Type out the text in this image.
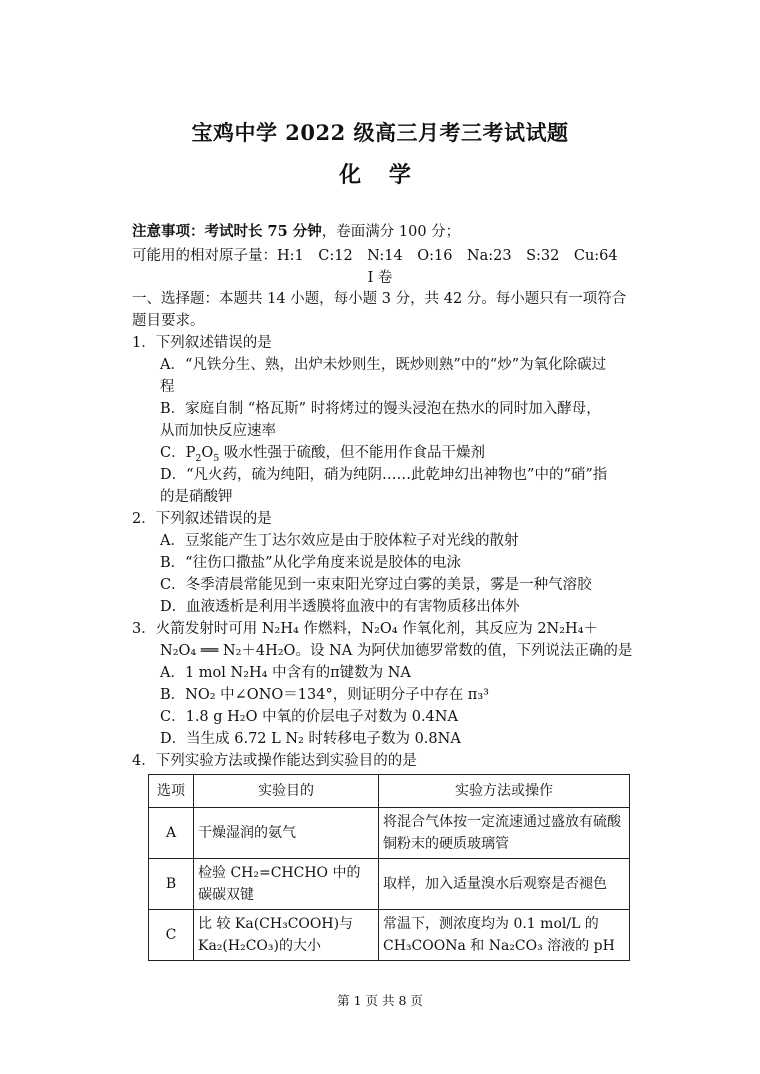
宝鸡中学 2022 级高三月考三考试试题
化 学
注意事项：考试时长 75 分钟，卷面满分 100 分；
可能用的相对原子量：H:1　C:12　N:14　O:16　Na:23　S:32　Cu:64
I 卷
一、选择题：本题共 14 小题，每小题 3 分，共 42 分。每小题只有一项符合
题目要求。
1．下列叙述错误的是
A．“凡铁分生、熟，出炉未炒则生，既炒则熟”中的“炒”为氧化除碳过
程
B．家庭自制 “格瓦斯” 时将烤过的馒头浸泡在热水的同时加入酵母，
从而加快反应速率
C．$P_2O_5$ 吸水性强于硫酸，但不能用作食品干燥剂
D．“凡火药，硫为纯阳，硝为纯阴……此乾坤幻出神物也”中的“硝”指
的是硝酸钾
2．下列叙述错误的是
A．豆浆能产生丁达尔效应是由于胶体粒子对光线的散射
B．“往伤口撒盐”从化学角度来说是胶体的电泳
C．冬季清晨常能见到一束束阳光穿过白雾的美景，雾是一种气溶胶
D．血液透析是利用半透膜将血液中的有害物质移出体外
3．火箭发射时可用 N₂H₄ 作燃料，N₂O₄ 作氧化剂，其反应为 2N₂H₄＋
N₂O₄ ══ N₂＋4H₂O。设 NA 为阿伏加德罗常数的值，下列说法正确的是
A．1 mol N₂H₄ 中含有的π键数为 NA
B．NO₂ 中∠ONO＝134°，则证明分子中存在 π₃³
C．1.8 g H₂O 中氧的价层电子对数为 0.4NA
D．当生成 6.72 L N₂ 时转移电子数为 0.8NA
4．下列实验方法或操作能达到实验目的的是
选项	实验目的	实验方法或操作
A	干燥湿润的氨气	将混合气体按一定流速通过盛放有硫酸铜粉末的硬质玻璃管
B	检验 CH₂=CHCHO 中的碳碳双键	取样，加入适量溴水后观察是否褪色
C	比 较 Ka(CH₃COOH)与 Ka₂(H₂CO₃)的大小	常温下，测浓度均为 0.1 mol/L 的 CH₃COONa 和 Na₂CO₃ 溶液的 pH
第 1 页 共 8 页
